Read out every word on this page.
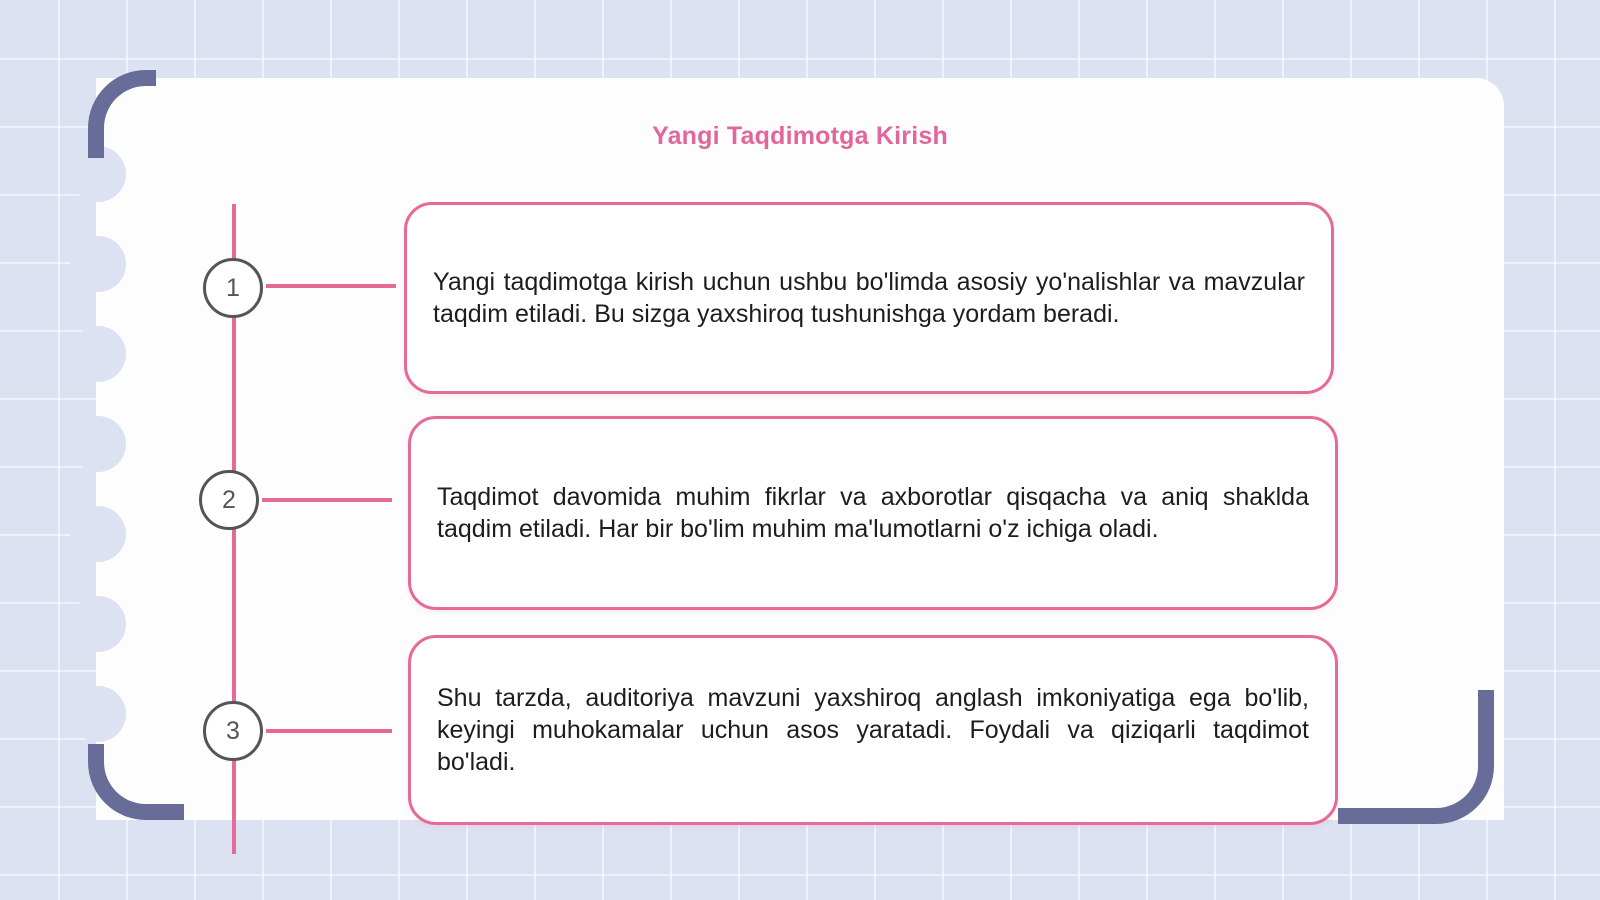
Yangi Taqdimotga Kirish
1	Yangi taqdimotga kirish uchun ushbu bo'limda asosiy yo'nalishlar va mavzular taqdim etiladi. Bu sizga yaxshiroq tushunishga yordam beradi.

2	Taqdimot davomida muhim fikrlar va axborotlar qisqacha va aniq shaklda taqdim etiladi. Har bir bo'lim muhim ma'lumotlarni o'z ichiga oladi.

3

Shu tarzda, auditoriya mavzuni yaxshiroq anglash imkoniyatiga ega bo'lib, keyingi muhokamalar uchun asos yaratadi. Foydali va qiziqarli taqdimot bo'ladi.
